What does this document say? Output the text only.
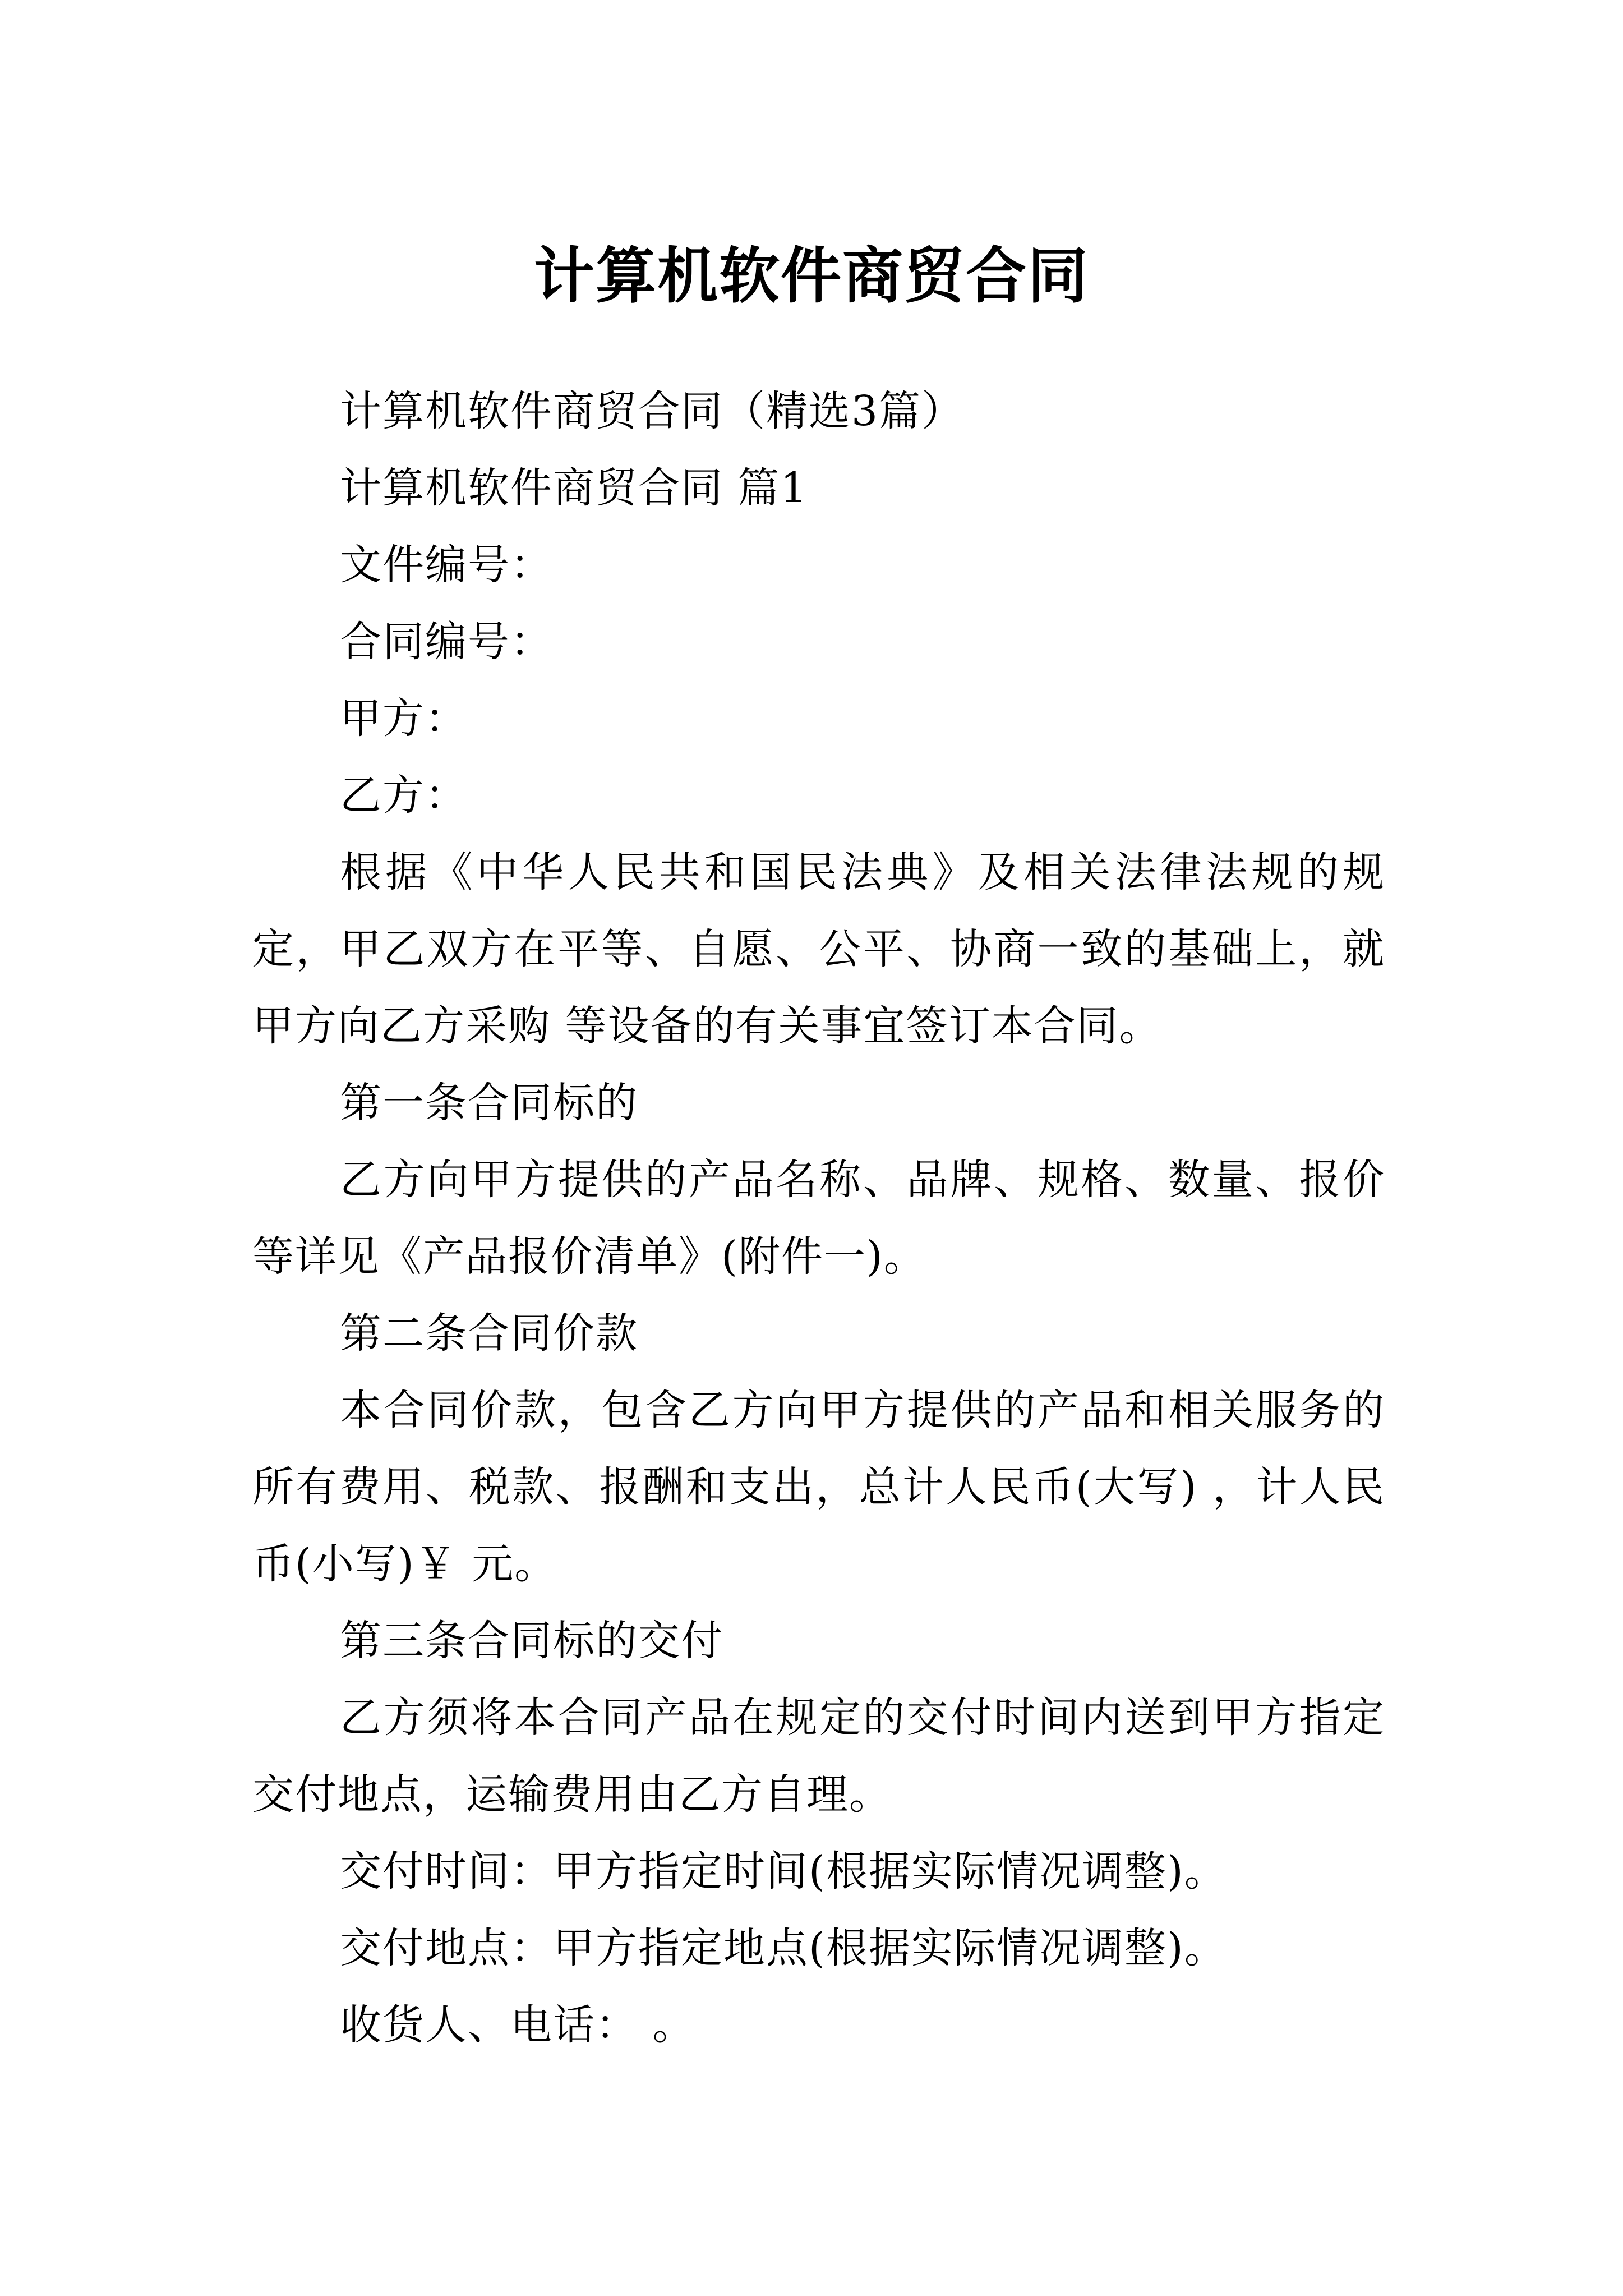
计算机软件商贸合同

计算机软件商贸合同（精选3篇）

计算机软件商贸合同 篇1

文件编号：

合同编号：

甲方：

乙方：

根据《中华人民共和国民法典》及相关法律法规的规定，甲乙双方在平等、自愿、公平、协商一致的基础上，就甲方向乙方采购 等设备的有关事宜签订本合同。

第一条合同标的

乙方向甲方提供的产品名称、品牌、规格、数量、报价等详见《产品报价清单》(附件一)。

第二条合同价款

本合同价款，包含乙方向甲方提供的产品和相关服务的所有费用、税款、报酬和支出，总计人民币(大写) ，计人民币(小写)￥ 元。

第三条合同标的交付

乙方须将本合同产品在规定的交付时间内送到甲方指定交付地点，运输费用由乙方自理。

交付时间：甲方指定时间(根据实际情况调整)。

交付地点：甲方指定地点(根据实际情况调整)。

收货人、电话： 。
